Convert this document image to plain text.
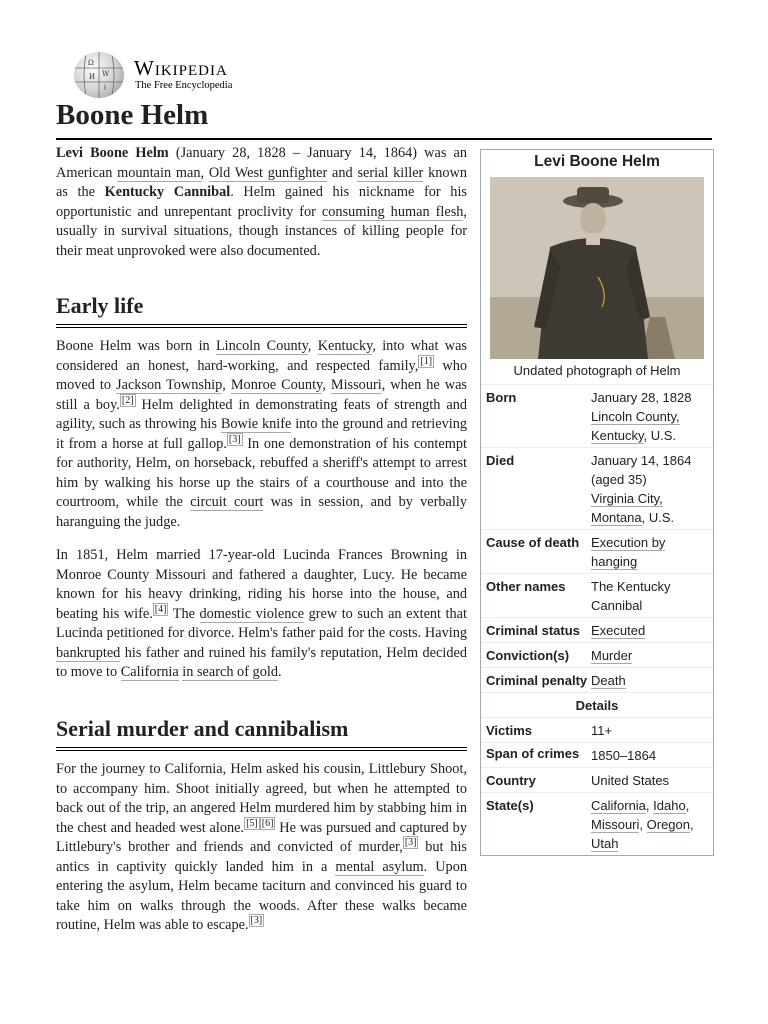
Ω
W
И
ا
Wikipedia
The Free Encyclopedia
Boone Helm

Levi Boone Helm (January 28, 1828 – January 14, 1864) was an American mountain man, Old West gunfighter and serial killer known as the Kentucky Cannibal. Helm gained his nickname for his opportunistic and unrepentant proclivity for consuming human flesh, usually in survival situations, though instances of killing people for their meat unprovoked were also documented.

Early life

Boone Helm was born in Lincoln County, Kentucky, into what was considered an honest, hard-working, and respected family, [1] who moved to Jackson Township, Monroe County, Missouri, when he was still a boy. [2] Helm delighted in demonstrating feats of strength and agility, such as throwing his Bowie knife into the ground and retrieving it from a horse at full gallop. [3] In one demonstration of his contempt for authority, Helm, on horseback, rebuffed a sheriff's attempt to arrest him by walking his horse up the stairs of a courthouse and into the courtroom, while the circuit court was in session, and by verbally haranguing the judge.

In 1851, Helm married 17-year-old Lucinda Frances Browning in Monroe County Missouri and fathered a daughter, Lucy. He became known for his heavy drinking, riding his horse into the house, and beating his wife. [4] The domestic violence grew to such an extent that Lucinda petitioned for divorce. Helm's father paid for the costs. Having bankrupted his father and ruined his family's reputation, Helm decided to move to California in search of gold.

Serial murder and cannibalism

For the journey to California, Helm asked his cousin, Littlebury Shoot, to accompany him. Shoot initially agreed, but when he attempted to back out of the trip, an angered Helm murdered him by stabbing him in the chest and headed west alone. [5] [6] He was pursued and captured by Littlebury's brother and friends and convicted of murder, [3] but his antics in captivity quickly landed him in a mental asylum. Upon entering the asylum, Helm became taciturn and convinced his guard to take him on walks through the woods. After these walks became routine, Helm was able to escape. [3]

Levi Boone Helm
Undated photograph of Helm
Born	January 28, 1828
Lincoln County,
Kentucky, U.S.
Died	January 14, 1864
(aged 35)
Virginia City,
Montana, U.S.
Cause of death Execution by hanging
Other names	The Kentucky Cannibal
Criminal status Executed
Conviction(s)	Murder
Criminal penalty Death
Details
Victims	11+
Span of crimes 1850–1864
Country	United States
State(s)	California, Idaho,
Missouri, Oregon,
Utah
